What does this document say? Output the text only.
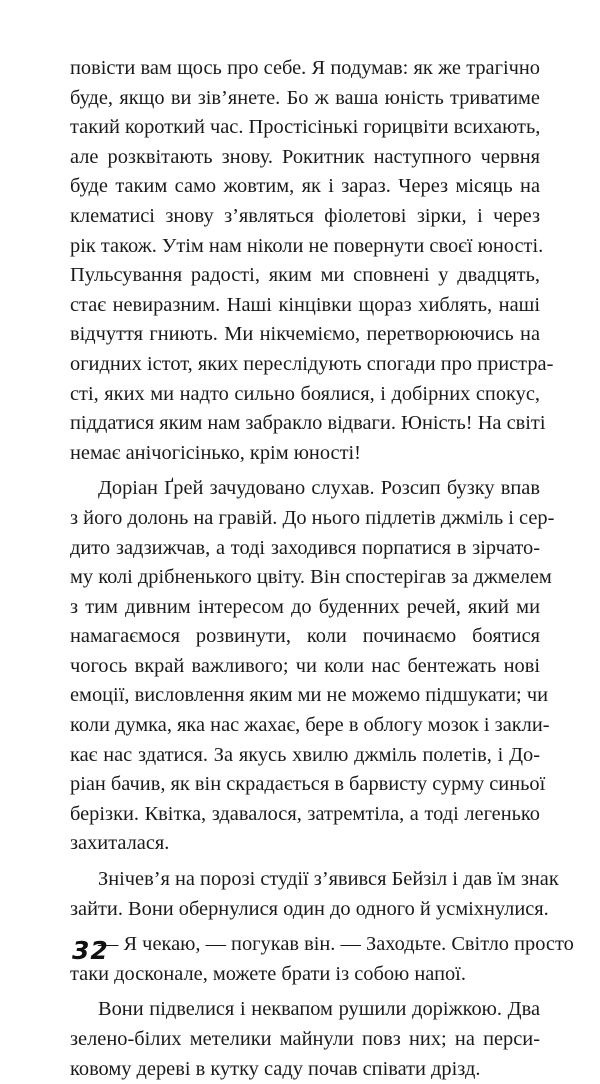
повісти вам щось про себе. Я подумав: як же трагічно
буде, якщо ви зів’янете. Бо ж ваша юність триватиме
такий короткий час. Простісінькі горицвіти всихають,
але розквітають знову. Рокитник наступного червня
буде таким само жовтим, як і зараз. Через місяць на
клематисі знову з’являться фіолетові зірки, і через
рік також. Утім нам ніколи не повернути своєї юності.
Пульсування радості, яким ми сповнені у двадцять,
стає невиразним. Наші кінцівки щораз хиблять, наші
відчуття гниють. Ми нікчеміємо, перетворюючись на
огидних істот, яких переслідують спогади про пристра-
сті, яких ми надто сильно боялися, і добірних спокус,
піддатися яким нам забракло відваги. Юність! На світі
немає анічогісінько, крім юності!
Доріан Ґрей зачудовано слухав. Розсип бузку впав
з його долонь на гравій. До нього підлетів джміль і сер-
дито задзижчав, а тоді заходився порпатися в зірчато-
му колі дрібненького цвіту. Він спостерігав за джмелем
з тим дивним інтересом до буденних речей, який ми
намагаємося розвинути, коли починаємо боятися
чогось вкрай важливого; чи коли нас бентежать нові
емоції, висловлення яким ми не можемо підшукати; чи
коли думка, яка нас жахає, бере в облогу мозок і закли-
кає нас здатися. За якусь хвилю джміль полетів, і До-
ріан бачив, як він скрадається в барвисту сурму синьої
берізки. Квітка, здавалося, затремтіла, а тоді легенько
захиталася.
Знічев’я на порозі студії з’явився Бейзіл і дав їм знак
зайти. Вони обернулися один до одного й усміхнулися.
— Я чекаю, — погукав він. — Заходьте. Світло просто
таки досконале, можете брати із собою напої.
Вони підвелися і неквапом рушили доріжкою. Два
зелено-білих метелики майнули повз них; на перси-
ковому дереві в кутку саду почав співати дрізд.
32
